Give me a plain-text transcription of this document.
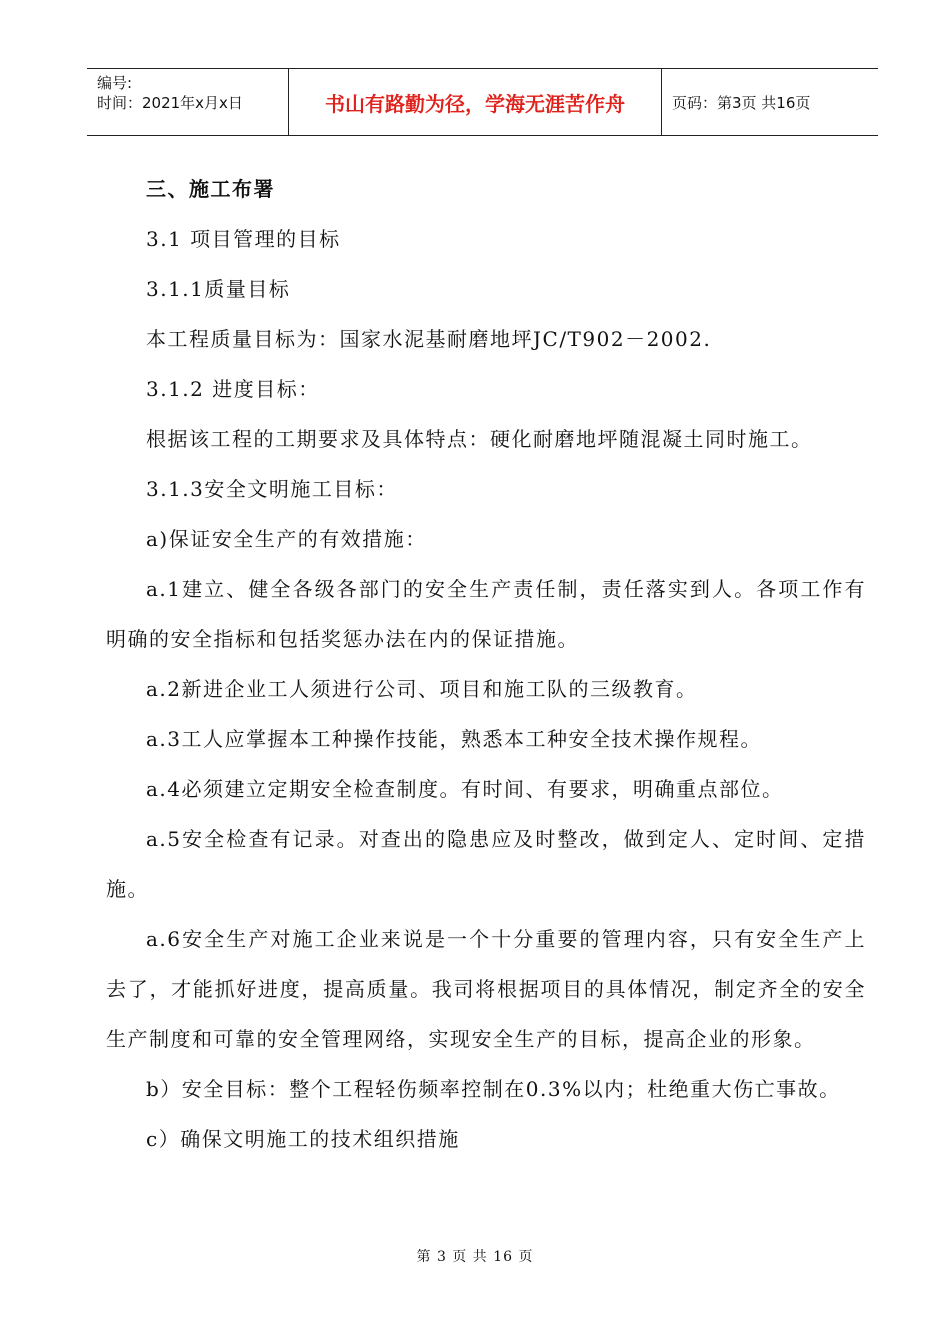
编号:
时间：2021年x月x日	书山有路勤为径，学海无涯苦作舟	页码：第3页 共16页

三、施工布署

3.1 项目管理的目标

3.1.1质量目标

本工程质量目标为：国家水泥基耐磨地坪JC/T902－2002.

3.1.2 进度目标：

根据该工程的工期要求及具体特点：硬化耐磨地坪随混凝土同时施工。

3.1.3安全文明施工目标：

a)保证安全生产的有效措施：

a.1建立、健全各级各部门的安全生产责任制，责任落实到人。各项工作有明确的安全指标和包括奖惩办法在内的保证措施。

a.2新进企业工人须进行公司、项目和施工队的三级教育。

a.3工人应掌握本工种操作技能，熟悉本工种安全技术操作规程。

a.4必须建立定期安全检查制度。有时间、有要求，明确重点部位。

a.5安全检查有记录。对查出的隐患应及时整改，做到定人、定时间、定措施。

a.6安全生产对施工企业来说是一个十分重要的管理内容，只有安全生产上去了，才能抓好进度，提高质量。我司将根据项目的具体情况，制定齐全的安全生产制度和可靠的安全管理网络，实现安全生产的目标，提高企业的形象。

b）安全目标：整个工程轻伤频率控制在0.3%以内；杜绝重大伤亡事故。

c）确保文明施工的技术组织措施

第 3 页 共 16 页
